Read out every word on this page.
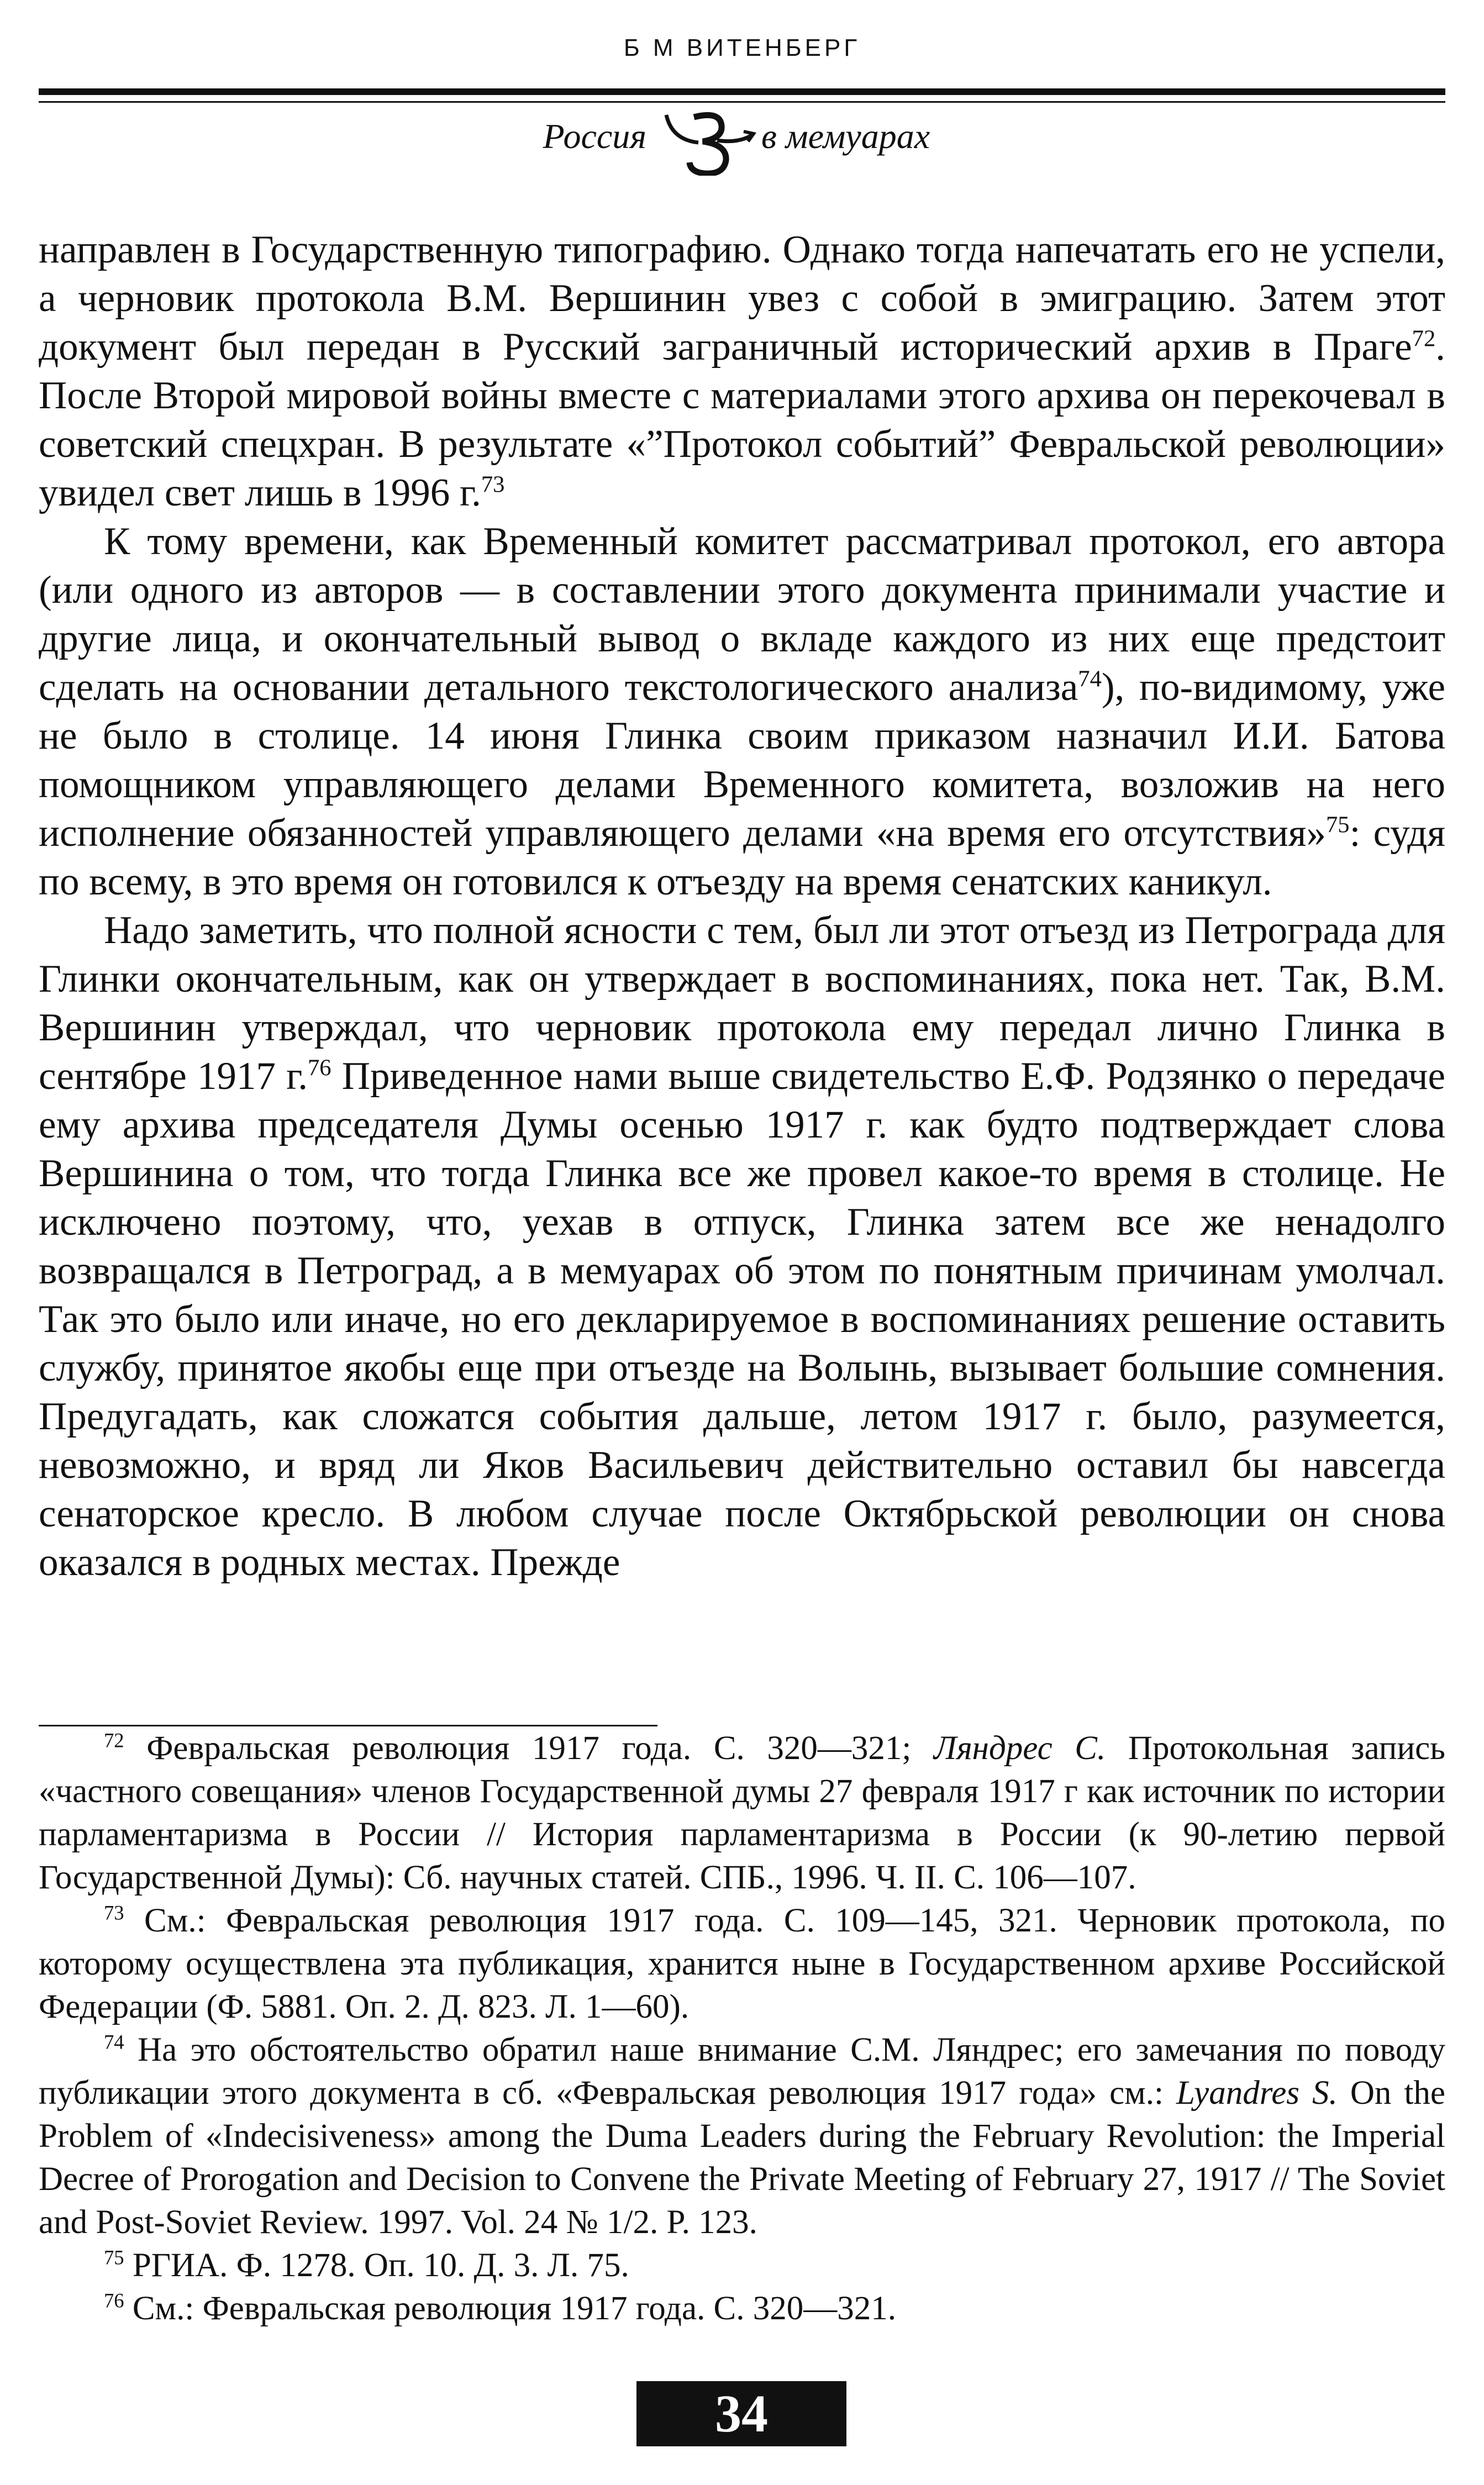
Б М ВИТЕНБЕРГ
Россия	в мемуарах

направлен в Государственную типографию. Однако тогда напечатать его не успели, а черновик протокола В.М. Вершинин увез с собой в эмиграцию. Затем этот документ был передан в Русский заграничный исторический архив в Праге$^{72}$. После Второй мировой войны вместе с материалами этого архива он перекочевал в советский спецхран. В результате «”Протокол событий” Февральской революции» увидел свет лишь в 1996 г.$^{73}$

К тому времени, как Временный комитет рассматривал протокол, его автора (или одного из авторов — в составлении этого документа принимали участие и другие лица, и окончательный вывод о вкладе каждого из них еще предстоит сделать на основании детального текстологического анализа$^{74}$), по-видимому, уже не было в столице. 14 июня Глинка своим приказом назначил И.И. Батова помощником управляющего делами Временного комитета, возложив на него исполнение обязанностей управляющего делами «на время его отсутствия»$^{75}$: судя по всему, в это время он готовился к отъезду на время сенатских каникул.

Надо заметить, что полной ясности с тем, был ли этот отъезд из Петрограда для Глинки окончательным, как он утверждает в воспоминаниях, пока нет. Так, В.М. Вершинин утверждал, что черновик протокола ему передал лично Глинка в сентябре 1917 г.$^{76}$ Приведенное нами выше свидетельство Е.Ф. Родзянко о передаче ему архива председателя Думы осенью 1917 г. как будто подтверждает слова Вершинина о том, что тогда Глинка все же провел какое-то время в столице. Не исключено поэтому, что, уехав в отпуск, Глинка затем все же ненадолго возвращался в Петроград, а в мемуарах об этом по понятным причинам умолчал. Так это было или иначе, но его декларируемое в воспоминаниях решение оставить службу, принятое якобы еще при отъезде на Волынь, вызывает большие сомнения. Предугадать, как сложатся события дальше, летом 1917 г. было, разумеется, невозможно, и вряд ли Яков Васильевич действительно оставил бы навсегда сенаторское кресло. В любом случае после Октябрьской революции он снова оказался в родных местах. Прежде

$^{72}$ Февральская революция 1917 года. С. 320—321; Ляндрес С. Протокольная запись «частного совещания» членов Государственной думы 27 февраля 1917 г как источник по истории парламентаризма в России // История парламентаризма в России (к 90-летию первой Государственной Думы): Сб. научных статей. СПБ., 1996. Ч. II. С. 106—107.

$^{73}$ См.: Февральская революция 1917 года. С. 109—145, 321. Черновик протокола, по которому осуществлена эта публикация, хранится ныне в Государственном архиве Российской Федерации (Ф. 5881. Оп. 2. Д. 823. Л. 1—60).

$^{74}$ На это обстоятельство обратил наше внимание С.М. Ляндрес; его замечания по поводу публикации этого документа в сб. «Февральская революция 1917 года» см.: Lyandres S. On the Problem of «Indecisiveness» among the Duma Leaders during the February Revolution: the Imperial Decree of Prorogation and Decision to Convene the Private Meeting of February 27, 1917 // The Soviet and Post-Soviet Review. 1997. Vol. 24 № 1/2. P. 123.

$^{75}$ РГИА. Ф. 1278. Оп. 10. Д. 3. Л. 75.

$^{76}$ См.: Февральская революция 1917 года. С. 320—321.

34
